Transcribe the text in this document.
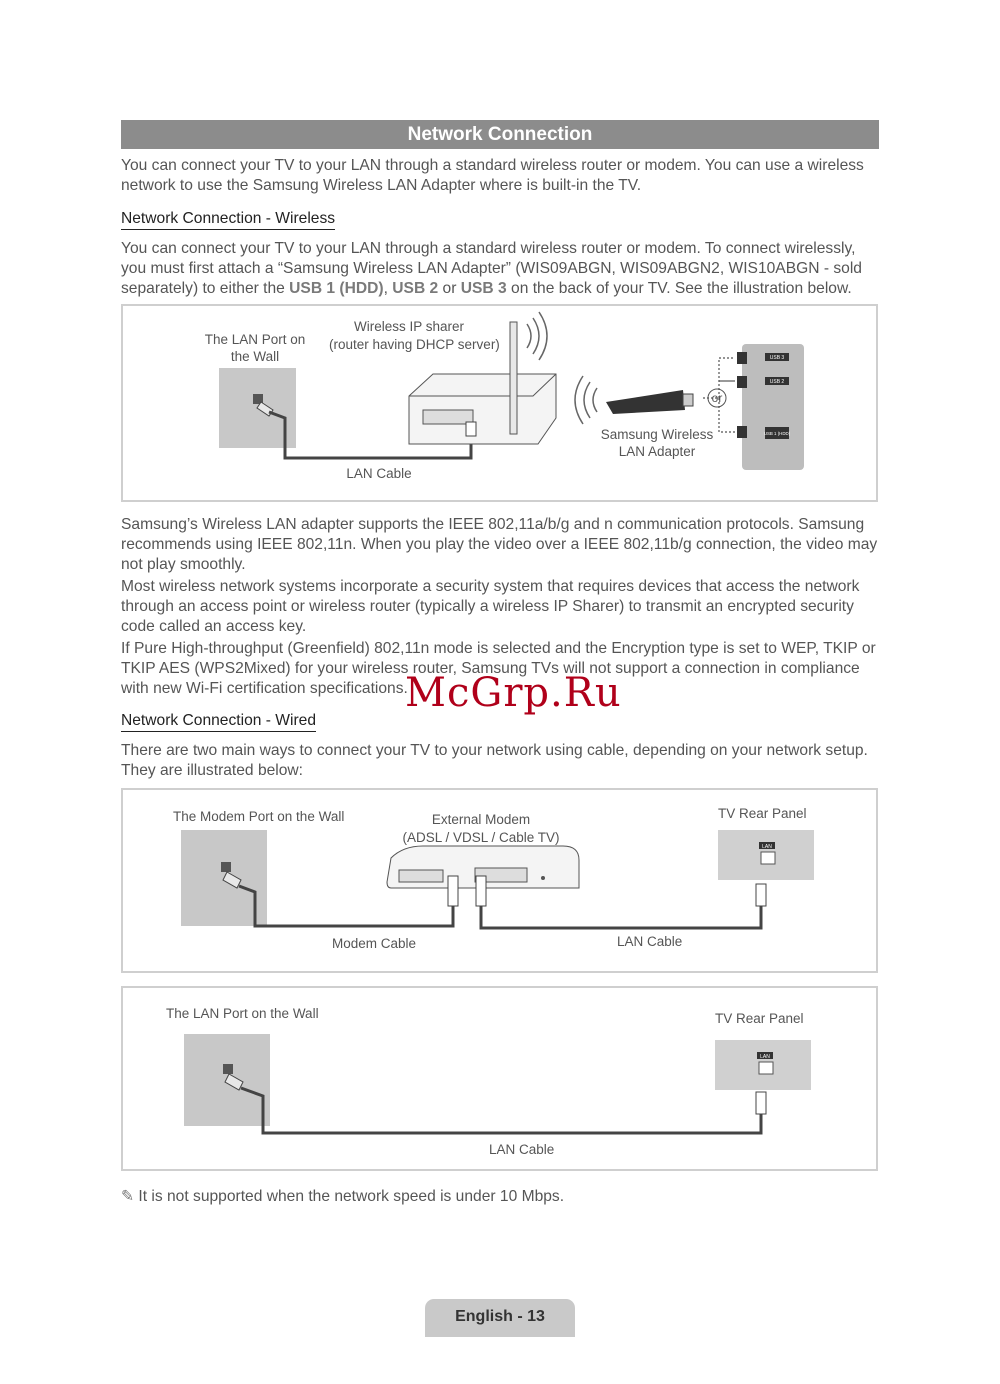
Network Connection
You can connect your TV to your LAN through a standard wireless router or modem. You can use a wireless network to use the Samsung Wireless LAN Adapter where is built-in the TV.
Network Connection - Wireless
You can connect your TV to your LAN through a standard wireless router or modem. To connect wirelessly, you must first attach a “Samsung Wireless LAN Adapter” (WIS09ABGN, WIS09ABGN2, WIS10ABGN - sold separately) to either the USB 1 (HDD), USB 2 or USB 3 on the back of your TV. See the illustration below.
or
USB 3
USB 2
USB 1 (HDD)
The LAN Port on the Wall
Wireless IP sharer
(router having DHCP server)
Samsung Wireless
LAN Adapter
LAN Cable
Samsung’s Wireless LAN adapter supports the IEEE 802,11a/b/g and n communication protocols. Samsung recommends using IEEE 802,11n. When you play the video over a IEEE 802,11b/g connection, the video may not play smoothly.
Most wireless network systems incorporate a security system that requires devices that access the network through an access point or wireless router (typically a wireless IP Sharer) to transmit an encrypted security code called an access key.
If Pure High-throughput (Greenfield) 802,11n mode is selected and the Encryption type is set to WEP, TKIP or TKIP AES (WPS2Mixed) for your wireless router, Samsung TVs will not support a connection in compliance with new Wi-Fi certification specifications.
McGrp.Ru
Network Connection - Wired
There are two main ways to connect your TV to your network using cable, depending on your network setup. They are illustrated below:
LAN
The Modem Port on the Wall	External Modem
(ADSL / VDSL / Cable TV)
TV Rear Panel
Modem Cable	LAN Cable
LAN
The LAN Port on the Wall	TV Rear Panel
LAN Cable
✎ It is not supported when the network speed is under 10 Mbps.
English - 13
